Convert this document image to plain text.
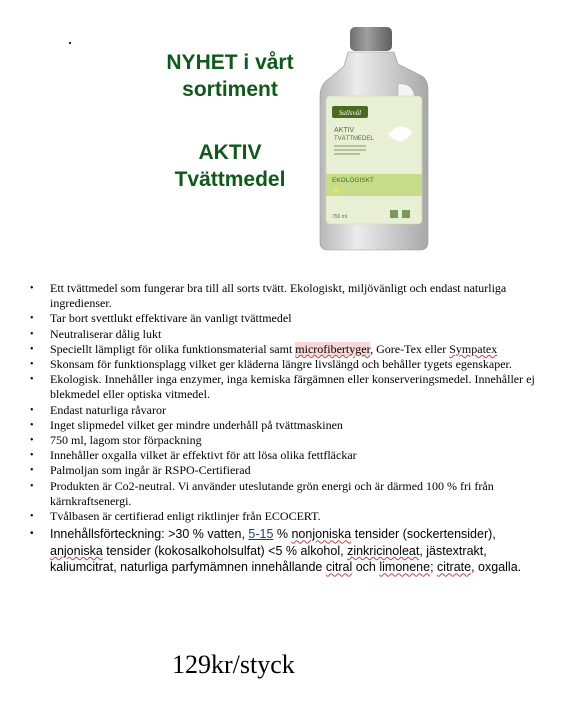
NYHET i vårt
sortiment
AKTIV
Tvättmedel
Sallsvål
AKTIV
TVÄTTMEDEL
EKOLOGISKT
750 ml
• Ett tvättmedel som fungerar bra till all sorts tvätt. Ekologiskt, miljövänligt och endast naturliga ingredienser.
• Tar bort svettlukt effektivare än vanligt tvättmedel
• Neutraliserar dålig lukt
• Speciellt lämpligt för olika funktionsmaterial samt microfibertyger, Gore-Tex eller Sympatex
• Skonsam för funktionsplagg vilket ger kläderna längre livslängd och behåller tygets egenskaper.
• Ekologisk. Innehåller inga enzymer, inga kemiska färgämnen eller konserveringsmedel. Innehåller ej blekmedel eller optiska vitmedel.
• Endast naturliga råvaror
• Inget slipmedel vilket ger mindre underhåll på tvättmaskinen
• 750 ml, lagom stor förpackning
• Innehåller oxgalla vilket är effektivt för att lösa olika fettfläckar
• Palmoljan som ingår är RSPO-Certifierad
• Produkten är Co2-neutral. Vi använder uteslutande grön energi och är därmed 100 % fri från kärnkraftsenergi.
• Tvålbasen är certifierad enligt riktlinjer från ECOCERT.
• Innehållsförteckning: >30 % vatten, 5-15 % nonjoniska tensider (sockertensider), anjoniska tensider (kokosalkoholsulfat) <5 % alkohol, zinkricinoleat, jästextrakt, kaliumcitrat, naturliga parfymämnen innehållande citral och limonene; citrate, oxgalla.
129kr/styck
